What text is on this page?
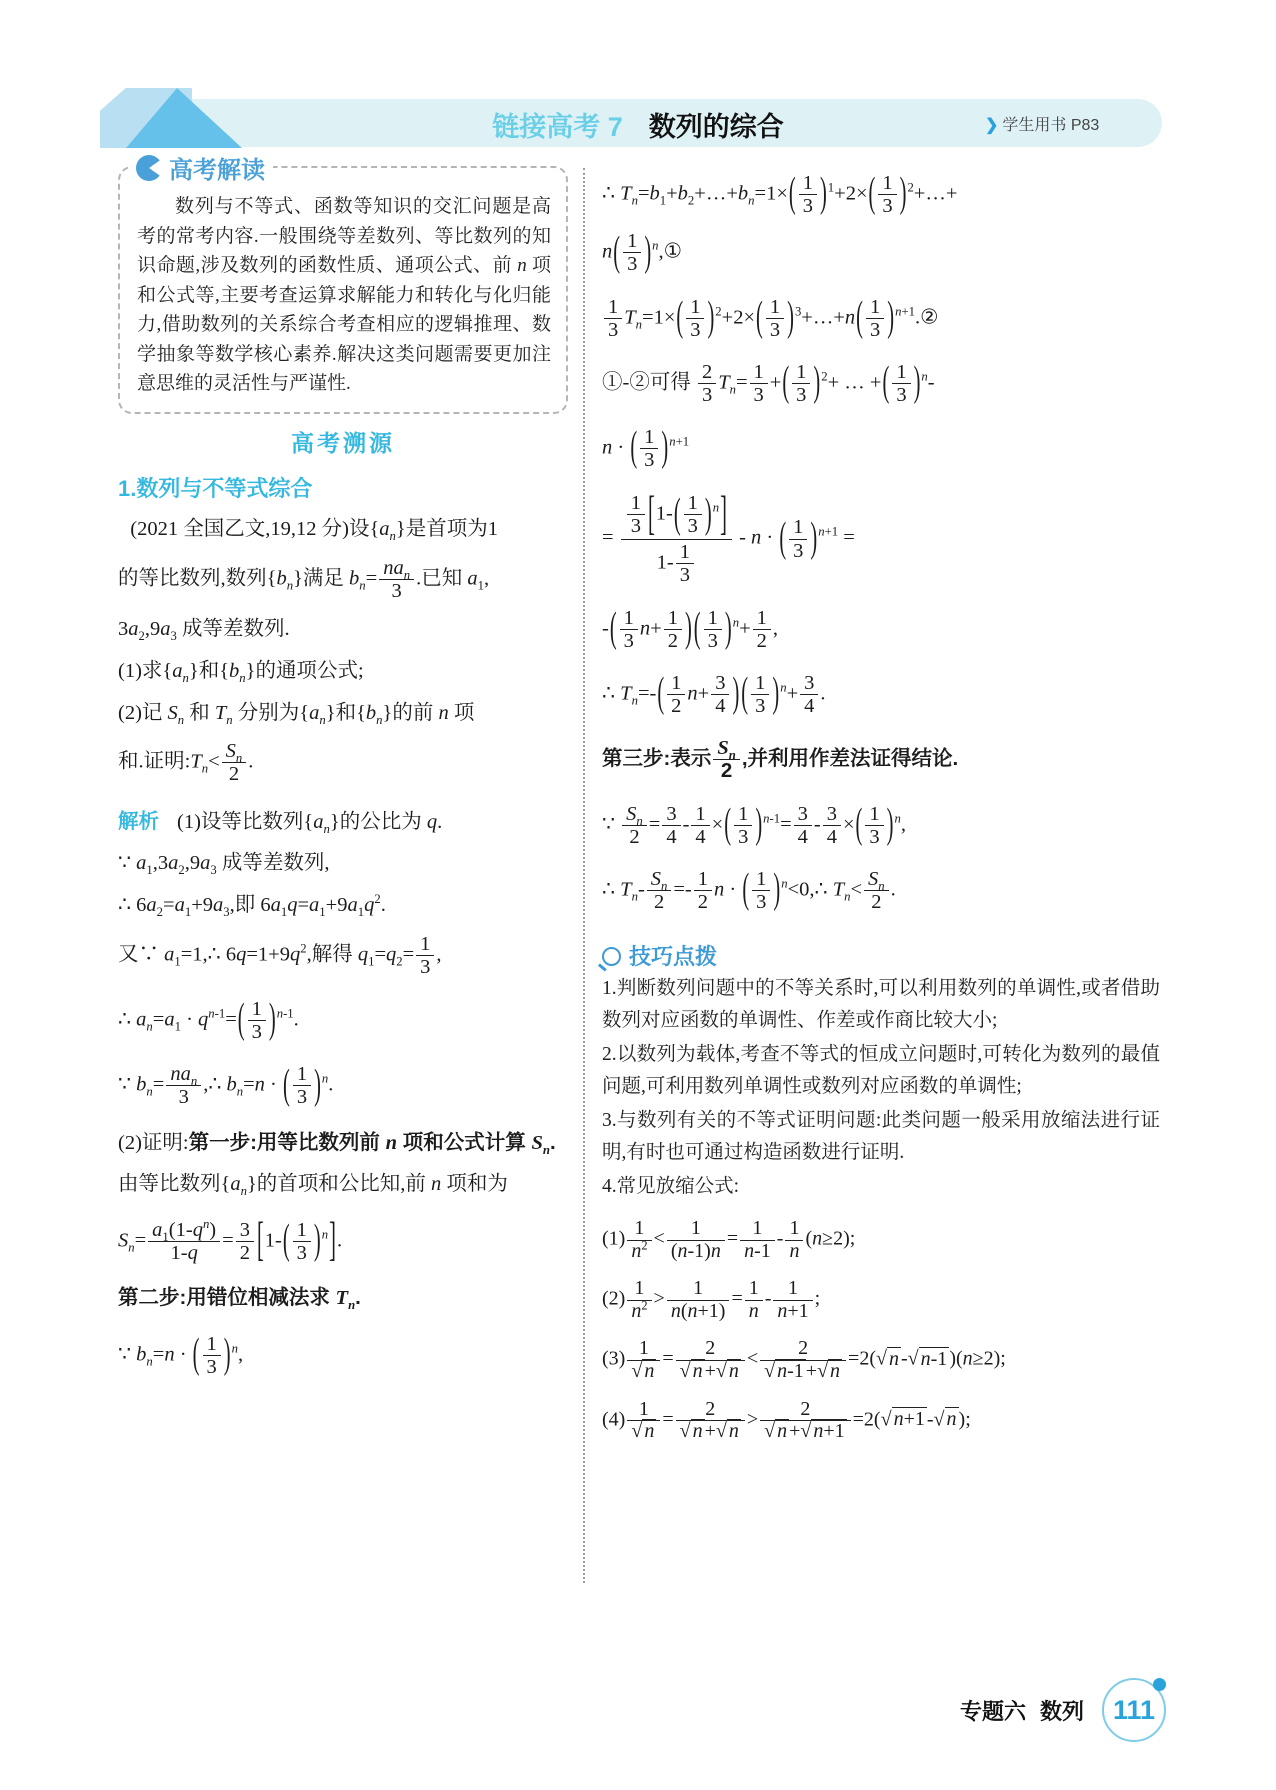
链接高考 7 数列的综合	❯ 学生用书 P83
高考解读
数列与不等式、函数等知识的交汇问题是高考的常考内容.一般围绕等差数列、等比数列的知识命题,涉及数列的函数性质、通项公式、前 n 项和公式等,主要考查运算求解能力和转化与化归能力,借助数列的关系综合考查相应的逻辑推理、数学抽象等数学核心素养.解决这类问题需要更加注意思维的灵活性与严谨性.
高考溯源
1.数列与不等式综合
(2021 全国乙文,19,12 分)设$\{a_n\}$是首项为1
的等比数列,数列$\{b_n\}$满足 $b_n= \frac{na_n}{3}$ .已知 $a_1$,
$3a_2,9a_3$ 成等差数列.
(1)求$\{a_n\}$和$\{b_n\}$的通项公式;
(2)记 $S_n$ 和 $T_n$ 分别为$\{a_n\}$和$\{b_n\}$的前 n 项
和.证明$:T_n< \frac{S_n}{2}$ .
解析 (1)设等比数列$\{a_n\}$的公比为 q.
∵ $a_1,3a_2,9a_3$ 成等差数列,
∴ $6a_2=a_1+9a_3$,即 $6a_1q=a_1+9a_1q^2$.
又∵ $a_1=1,\therefore$ $6q=1+9q^2$,解得 $q_1=q_2= \frac{1}{3}$ ,
∴ $a_n=a_1 \cdot q^{n-1}=( \frac{1}{3} )^{n-1}$.
∵ $b_n= \frac{na_n}{3}$ ,∴ $b_n=n$ · ( $\frac{1}{3} )^n$.
(2)证明:第一步:用等比数列前 n 项和公式计算 $S_n$.
由等比数列$\{a_n\}$的首项和公比知,前 n 项和为
$S_n= \frac{a_1(1-q^n)}{1-q} = \frac{3}{2} [1-( \frac{1}{3} )^n]$.
第二步:用错位相减法求 $T_n$.
∵ $b_n=n$ · ( $\frac{1}{3} )^n$,
∴ $T_n=b_1+b_2+\dots+b_n=1\times( \frac{1}{3} )^1+2\times( \frac{1}{3}$ )$^2+\dots+$
$n( \frac{1}{3}$ )$^n,①$
$\frac{1}{3} T_n=1\times( \frac{1}{3} )^2+2\times( \frac{1}{3}$ )$^3+\dots+n( \frac{1}{3}$ )$^{n+1}$.②
①-②可得 $\frac{2}{3} T_n= \frac{1}{3}$ +( $\frac{1}{3} )^2+$ … +( $\frac{1}{3} )^n-$
n · ( $\frac{1}{3} )^{n+1}$
= $\frac{\frac{1}{3} [1-( \frac{1}{3} )^n]}{1- \frac{1}{3}}$ - n · ( $\frac{1}{3} )^{n+1}$ =
-( $\frac{1}{3} n+ \frac{1}{2}$ )( $\frac{1}{3} )^n+ \frac{1}{2}$ ,
∴ $T_n=-( \frac{1}{2} n+ \frac{3}{4}$ )( $\frac{1}{3} )^n+ \frac{3}{4}$ .
第三步:表示 $\frac{S_n}{2}$ ,并利用作差法证得结论.
∵ $\frac{S_n}{2} = \frac{3}{4} - \frac{1}{4}$ ×( $\frac{1}{3} )^{n-1}= \frac{3}{4} - \frac{3}{4}$ ×( $\frac{1}{3} )^n$,
∴ $T_n- \frac{S_n}{2} =- \frac{1}{2}$ n · ( $\frac{1}{3}$ )$^n$<0,∴ $T_n< \frac{S_n}{2}$ .
技巧点拨
1.判断数列问题中的不等关系时,可以利用数列的单调性,或者借助数列对应函数的单调性、作差或作商比较大小;
2.以数列为载体,考查不等式的恒成立问题时,可转化为数列的最值问题,可利用数列单调性或数列对应函数的单调性;
3.与数列有关的不等式证明问题:此类问题一般采用放缩法进行证明,有时也可通过构造函数进行证明.
4.常见放缩公式:
$(1) \frac{1}{n^2} < \frac{1}{(n-1)n} = \frac{1}{n-1} - \frac{1}{n} (n\ge 2)$;
$(2) \frac{1}{n^2} > \frac{1}{n(n+1)} = \frac{1}{n} - \frac{1}{n+1}$ ;
$(3) \frac{1}{√ n} = \frac{2}{√ n +√ n} < \frac{2}{√ n-1 +√ n} =2(√$ n -√ n-1 )(n≥2);
$(4) \frac{1}{√ n} = \frac{2}{√ n +√ n} > \frac{2}{√ n +√ n+1} =2(√$ n+1 -√ n );
专题六 数列 111
